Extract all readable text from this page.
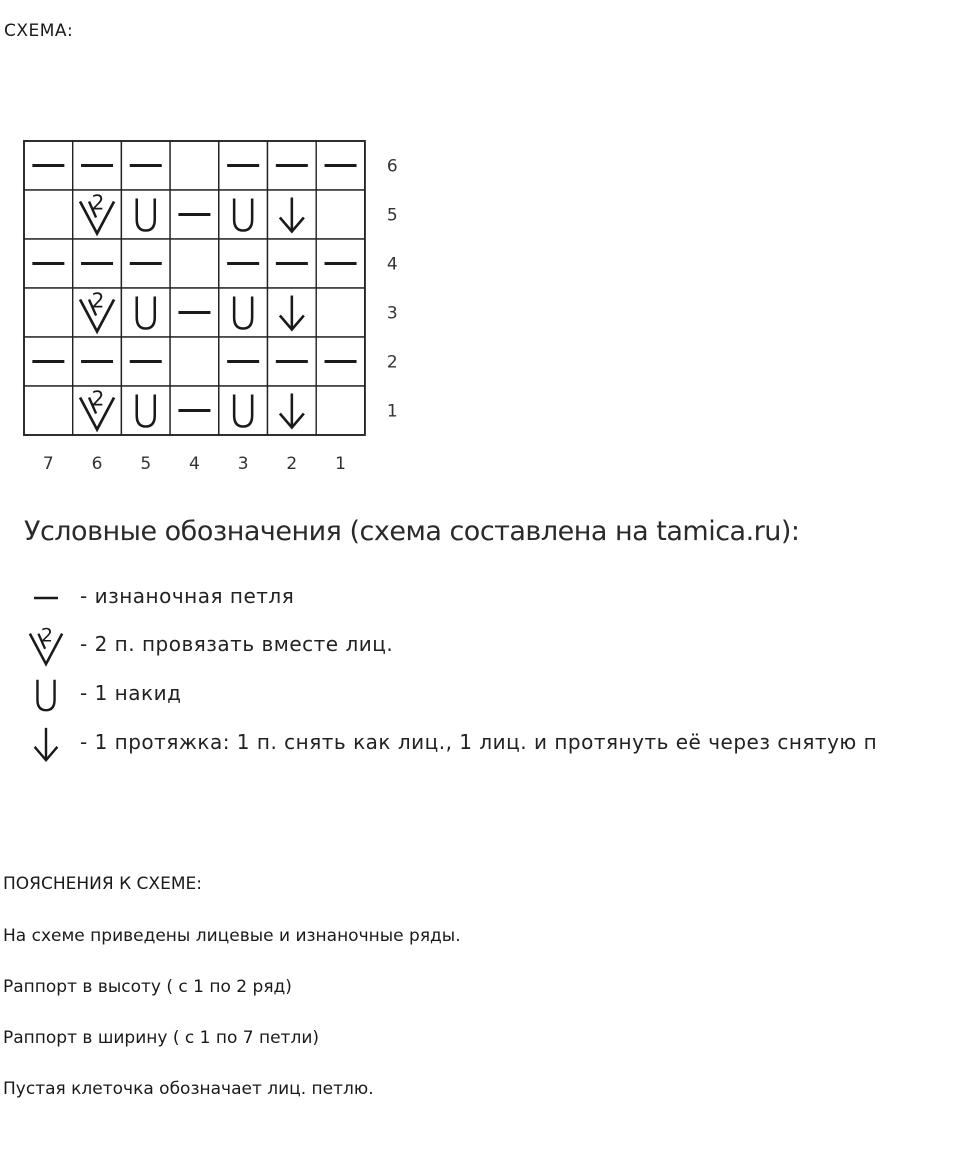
СХЕМА:
2
2
2
6
5
4
3
2
1
7 6 5 4 3 2 1
Условные обозначения (схема составлена на tamica.ru):
- изнаночная петля
2 - 2 п. провязать вместе лиц.
- 1 накид
- 1 протяжка: 1 п. снять как лиц., 1 лиц. и протянуть её через снятую п
ПОЯСНЕНИЯ К СХЕМЕ:
На схеме приведены лицевые и изнаночные ряды.
Раппорт в высоту ( с 1 по 2 ряд)
Раппорт в ширину ( с 1 по 7 петли)
Пустая клеточка обозначает лиц. петлю.
